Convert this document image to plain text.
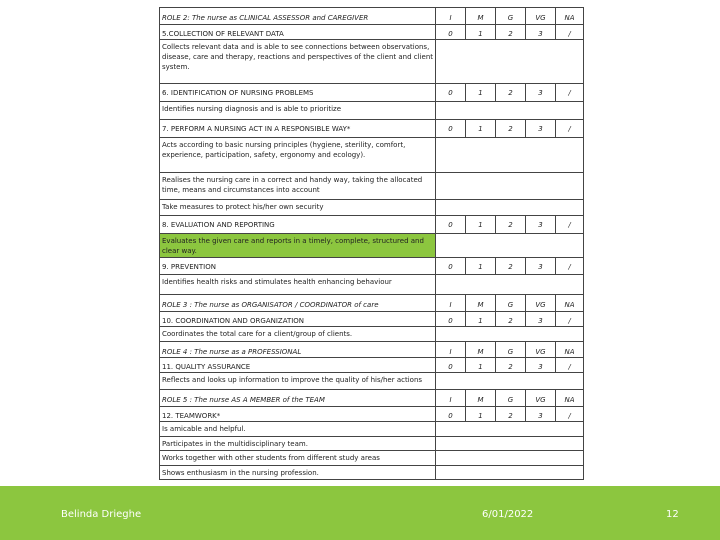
ROLE 2: The nurse as CLINICAL ASSESSOR and CAREGIVER	I	M	G	VG	NA
5.COLLECTION OF RELEVANT DATA	0	1	2	3	/
Collects relevant data and is able to see connections between observations, disease, care and therapy, reactions and perspectives of the client and client system.					
6. IDENTIFICATION OF NURSING PROBLEMS	0	1	2	3	/
Identifies nursing diagnosis and is able to prioritize					
7. PERFORM A NURSING ACT IN A RESPONSIBLE WAY*	0	1	2	3	/
Acts according to basic nursing principles (hygiene, sterility, comfort, experience, participation, safety, ergonomy and ecology).					
Realises the nursing care in a correct and handy way, taking the allocated time, means and circumstances into account					
Take measures to protect his/her own security					
8. EVALUATION AND REPORTING	0	1	2	3	/
Evaluates the given care and reports in a timely, complete, structured and clear way.					
9. PREVENTION	0	1	2	3	/
Identifies health risks and stimulates health enhancing behaviour					
ROLE 3 : The nurse as ORGANISATOR / COORDINATOR of care	I	M	G	VG	NA
10. COORDINATION AND ORGANIZATION	0	1	2	3	/
Coordinates the total care for a client/group of clients.					
ROLE 4 : The nurse as a PROFESSIONAL	I	M	G	VG	NA
11. QUALITY ASSURANCE	0	1	2	3	/
Reflects and looks up information to improve the quality of his/her actions					
ROLE 5 : The nurse AS A MEMBER of the TEAM	I	M	G	VG	NA
12. TEAMWORK*	0	1	2	3	/
Is amicable and helpful.					
Participates in the multidisciplinary team.					
Works together with other students from different study areas					
Shows enthusiasm in the nursing profession.					
Belinda Drieghe	6/01/2022	12
